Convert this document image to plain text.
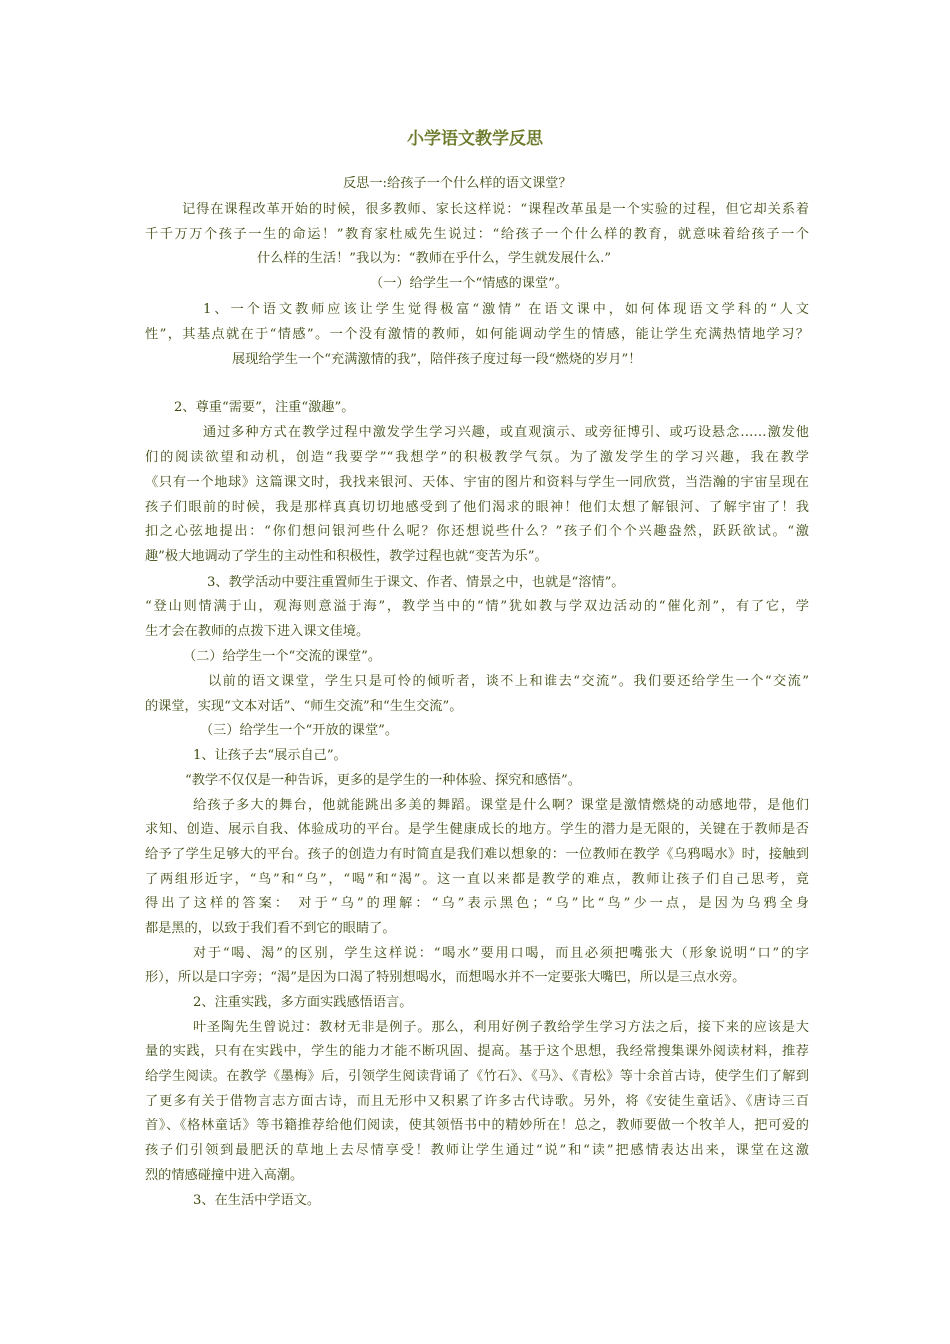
小学语文教学反思
反思一:给孩子一个什么样的语文课堂？
记得在课程改革开始的时候，很多教师、家长这样说：“课程改革虽是一个实验的过程，但它却关系着
千千万万个孩子一生的命运！”教育家杜威先生说过：“给孩子一个什么样的教育，就意味着给孩子一个
什么样的生活！”我以为：“教师在乎什么，学生就发展什么.”
（一）给学生一个“情感的课堂”。
1、一个语文教师应该让学生觉得极富“激情” 在语文课中，如何体现语文学科的“人文
性”，其基点就在于“情感”。一个没有激情的教师，如何能调动学生的情感，能让学生充满热情地学习？
展现给学生一个“充满激情的我”，陪伴孩子度过每一段“燃烧的岁月”！
2、尊重“需要”，注重“激趣”。
通过多种方式在教学过程中激发学生学习兴趣，或直观演示、或旁征博引、或巧设悬念……激发他
们的阅读欲望和动机，创造“我要学”“我想学”的积极教学气氛。为了激发学生的学习兴趣，我在教学
《只有一个地球》这篇课文时，我找来银河、天体、宇宙的图片和资料与学生一同欣赏，当浩瀚的宇宙呈现在
孩子们眼前的时候，我是那样真真切切地感受到了他们渴求的眼神！他们太想了解银河、了解宇宙了！我
扣之心弦地提出：“你们想问银河些什么呢？你还想说些什么？”孩子们个个兴趣盎然，跃跃欲试。“激
趣”极大地调动了学生的主动性和积极性，教学过程也就“变苦为乐”。
3、教学活动中要注重置师生于课文、作者、情景之中，也就是“溶情”。
“登山则情满于山，观海则意溢于海”，教学当中的“情”犹如教与学双边活动的“催化剂”，有了它，学
生才会在教师的点拨下进入课文佳境。
（二）给学生一个“交流的课堂”。
以前的语文课堂，学生只是可怜的倾听者，谈不上和谁去“交流”。我们要还给学生一个“交流”
的课堂，实现“文本对话”、“师生交流”和“生生交流”。
（三）给学生一个“开放的课堂”。
1、让孩子去“展示自己”。
“教学不仅仅是一种告诉，更多的是学生的一种体验、探究和感悟”。
给孩子多大的舞台，他就能跳出多美的舞蹈。课堂是什么啊？课堂是激情燃烧的动感地带，是他们
求知、创造、展示自我、体验成功的平台。是学生健康成长的地方。学生的潜力是无限的，关键在于教师是否
给予了学生足够大的平台。孩子的创造力有时简直是我们难以想象的：一位教师在教学《乌鸦喝水》时，接触到
了两组形近字，“鸟”和“乌”，“喝”和“渴”。这一直以来都是教学的难点，教师让孩子们自己思考，竟
得出了这样的答案： 对于“乌”的理解：“乌”表示黑色；“乌”比“鸟”少一点，是因为乌鸦全身
都是黑的，以致于我们看不到它的眼睛了。
对于“喝、渴”的区别，学生这样说：“喝水”要用口喝，而且必须把嘴张大（形象说明“口”的字
形），所以是口字旁；“渴”是因为口渴了特别想喝水，而想喝水并不一定要张大嘴巴，所以是三点水旁。
2、注重实践，多方面实践感悟语言。
叶圣陶先生曾说过：教材无非是例子。那么，利用好例子教给学生学习方法之后，接下来的应该是大
量的实践，只有在实践中，学生的能力才能不断巩固、提高。基于这个思想，我经常搜集课外阅读材料，推荐
给学生阅读。在教学《墨梅》后，引领学生阅读背诵了《竹石》、《马》、《青松》等十余首古诗，使学生们了解到
了更多有关于借物言志方面古诗，而且无形中又积累了许多古代诗歌。另外，将《安徒生童话》、《唐诗三百
首》、《格林童话》等书籍推荐给他们阅读，使其领悟书中的精妙所在！总之，教师要做一个牧羊人，把可爱的
孩子们引领到最肥沃的草地上去尽情享受！教师让学生通过“说”和“读”把感情表达出来，课堂在这激
烈的情感碰撞中进入高潮。
3、在生活中学语文。
